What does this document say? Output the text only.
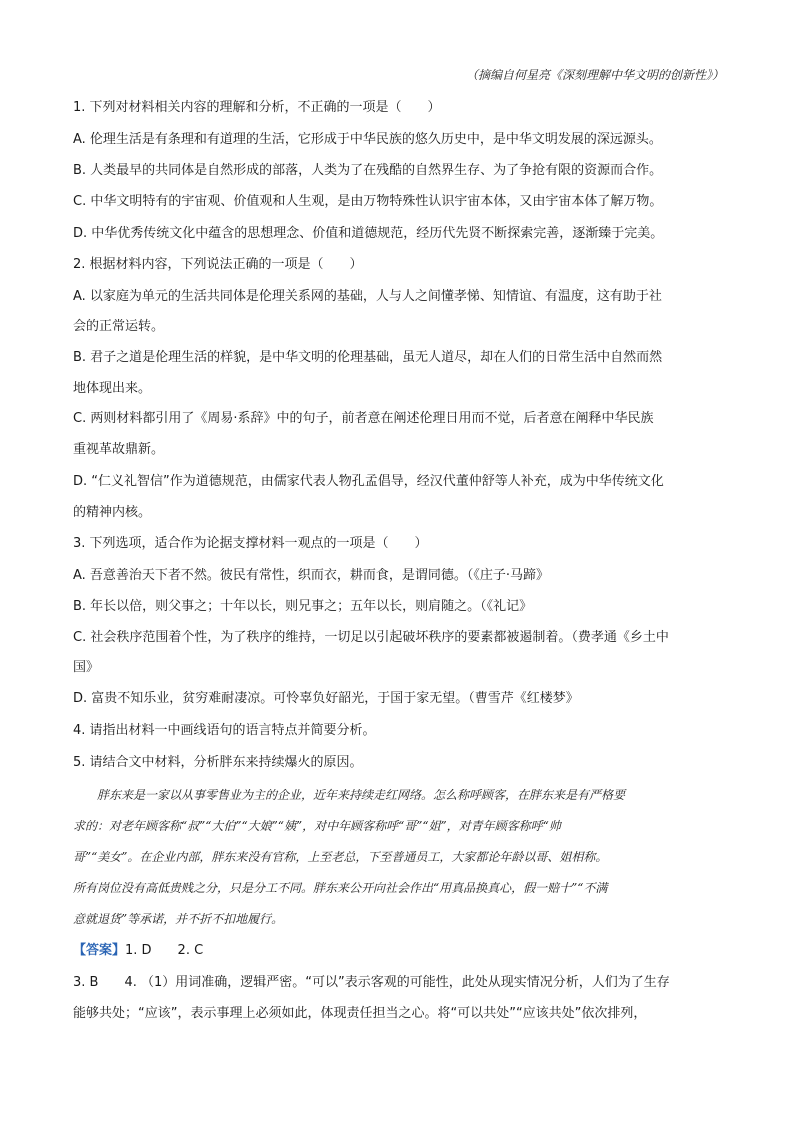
（摘编自何星亮《深刻理解中华文明的创新性》）
1. 下列对材料相关内容的理解和分析，不正确的一项是（　　）
A. 伦理生活是有条理和有道理的生活，它形成于中华民族的悠久历史中，是中华文明发展的深远源头。
B. 人类最早的共同体是自然形成的部落，人类为了在残酷的自然界生存、为了争抢有限的资源而合作。
C. 中华文明特有的宇宙观、价值观和人生观，是由万物特殊性认识宇宙本体，又由宇宙本体了解万物。
D. 中华优秀传统文化中蕴含的思想理念、价值和道德规范，经历代先贤不断探索完善，逐渐臻于完美。
2. 根据材料内容，下列说法正确的一项是（　　）
A. 以家庭为单元的生活共同体是伦理关系网的基础，人与人之间懂孝悌、知情谊、有温度，这有助于社
会的正常运转。
B. 君子之道是伦理生活的样貌，是中华文明的伦理基础，虽无人道尽，却在人们的日常生活中自然而然
地体现出来。
C. 两则材料都引用了《周易·系辞》中的句子，前者意在阐述伦理日用而不觉，后者意在阐释中华民族
重视革故鼎新。
D. “仁义礼智信”作为道德规范，由儒家代表人物孔孟倡导，经汉代董仲舒等人补充，成为中华传统文化
的精神内核。
3. 下列选项，适合作为论据支撑材料一观点的一项是（　　）
A. 吾意善治天下者不然。彼民有常性，织而衣，耕而食，是谓同德。（《庄子·马蹄》
B. 年长以倍，则父事之；十年以长，则兄事之；五年以长，则肩随之。（《礼记》
C. 社会秩序范围着个性，为了秩序的维持，一切足以引起破坏秩序的要素都被遏制着。（费孝通《乡土中
国》
D. 富贵不知乐业，贫穷难耐凄凉。可怜辜负好韶光，于国于家无望。（曹雪芹《红楼梦》
4. 请指出材料一中画线语句的语言特点并简要分析。
5. 请结合文中材料，分析胖东来持续爆火的原因。
胖东来是一家以从事零售业为主的企业，近年来持续走红网络。怎么称呼顾客，在胖东来是有严格要
求的：对老年顾客称“叔”“大伯”“大娘”“姨”，对中年顾客称呼“哥”“姐”，对青年顾客称呼“帅
哥”“美女”。在企业内部，胖东来没有官称，上至老总，下至普通员工，大家都论年龄以哥、姐相称。
所有岗位没有高低贵贱之分，只是分工不同。胖东来公开向社会作出“用真品换真心，假一赔十”“不满
意就退货”等承诺，并不折不扣地履行。
【答案】1. D　　2. C
3. B　　4. （1）用词准确，逻辑严密。“可以”表示客观的可能性，此处从现实情况分析，人们为了生存
能够共处；“应该”，表示事理上必须如此，体现责任担当之心。将“可以共处”“应该共处”依次排列，
